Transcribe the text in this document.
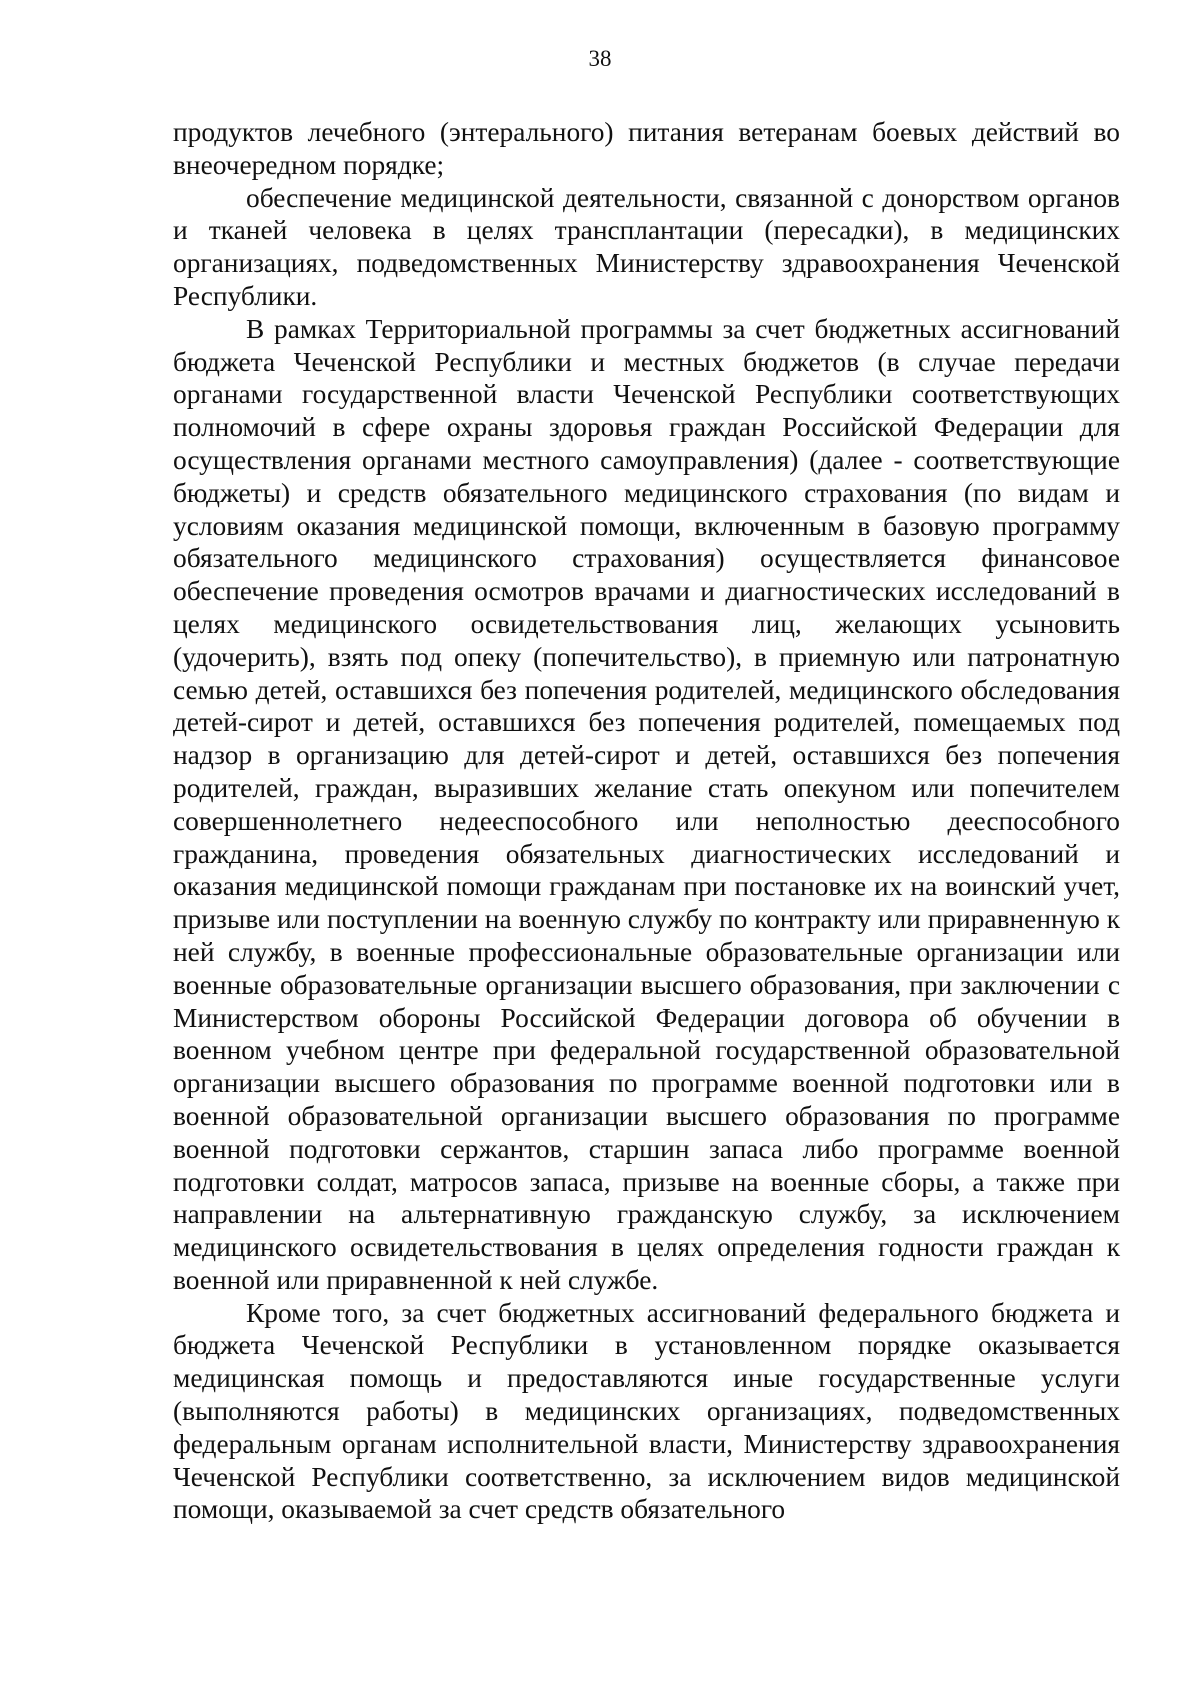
38

продуктов лечебного (энтерального) питания ветеранам боевых действий во внеочередном порядке;

обеспечение медицинской деятельности, связанной с донорством органов и тканей человека в целях трансплантации (пересадки), в медицинских организациях, подведомственных Министерству здравоохранения Чеченской Республики.

В рамках Территориальной программы за счет бюджетных ассигнований бюджета Чеченской Республики и местных бюджетов (в случае передачи органами государственной власти Чеченской Республики соответствующих полномочий в сфере охраны здоровья граждан Российской Федерации для осуществления органами местного самоуправления) (далее - соответствующие бюджеты) и средств обязательного медицинского страхования (по видам и условиям оказания медицинской помощи, включенным в базовую программу обязательного медицинского страхования) осуществляется финансовое обеспечение проведения осмотров врачами и диагностических исследований в целях медицинского освидетельствования лиц, желающих усыновить (удочерить), взять под опеку (попечительство), в приемную или патронатную семью детей, оставшихся без попечения родителей, медицинского обследования детей-сирот и детей, оставшихся без попечения родителей, помещаемых под надзор в организацию для детей-сирот и детей, оставшихся без попечения родителей, граждан, выразивших желание стать опекуном или попечителем совершеннолетнего недееспособного или неполностью дееспособного гражданина, проведения обязательных диагностических исследований и оказания медицинской помощи гражданам при постановке их на воинский учет, призыве или поступлении на военную службу по контракту или приравненную к ней службу, в военные профессиональные образовательные организации или военные образовательные организации высшего образования, при заключении с Министерством обороны Российской Федерации договора об обучении в военном учебном центре при федеральной государственной образовательной организации высшего образования по программе военной подготовки или в военной образовательной организации высшего образования по программе военной подготовки сержантов, старшин запаса либо программе военной подготовки солдат, матросов запаса, призыве на военные сборы, а также при направлении на альтернативную гражданскую службу, за исключением медицинского освидетельствования в целях определения годности граждан к военной или приравненной к ней службе.

Кроме того, за счет бюджетных ассигнований федерального бюджета и бюджета Чеченской Республики в установленном порядке оказывается медицинская помощь и предоставляются иные государственные услуги (выполняются работы) в медицинских организациях, подведомственных федеральным органам исполнительной власти, Министерству здравоохранения Чеченской Республики соответственно, за исключением видов медицинской помощи, оказываемой за счет средств обязательного
